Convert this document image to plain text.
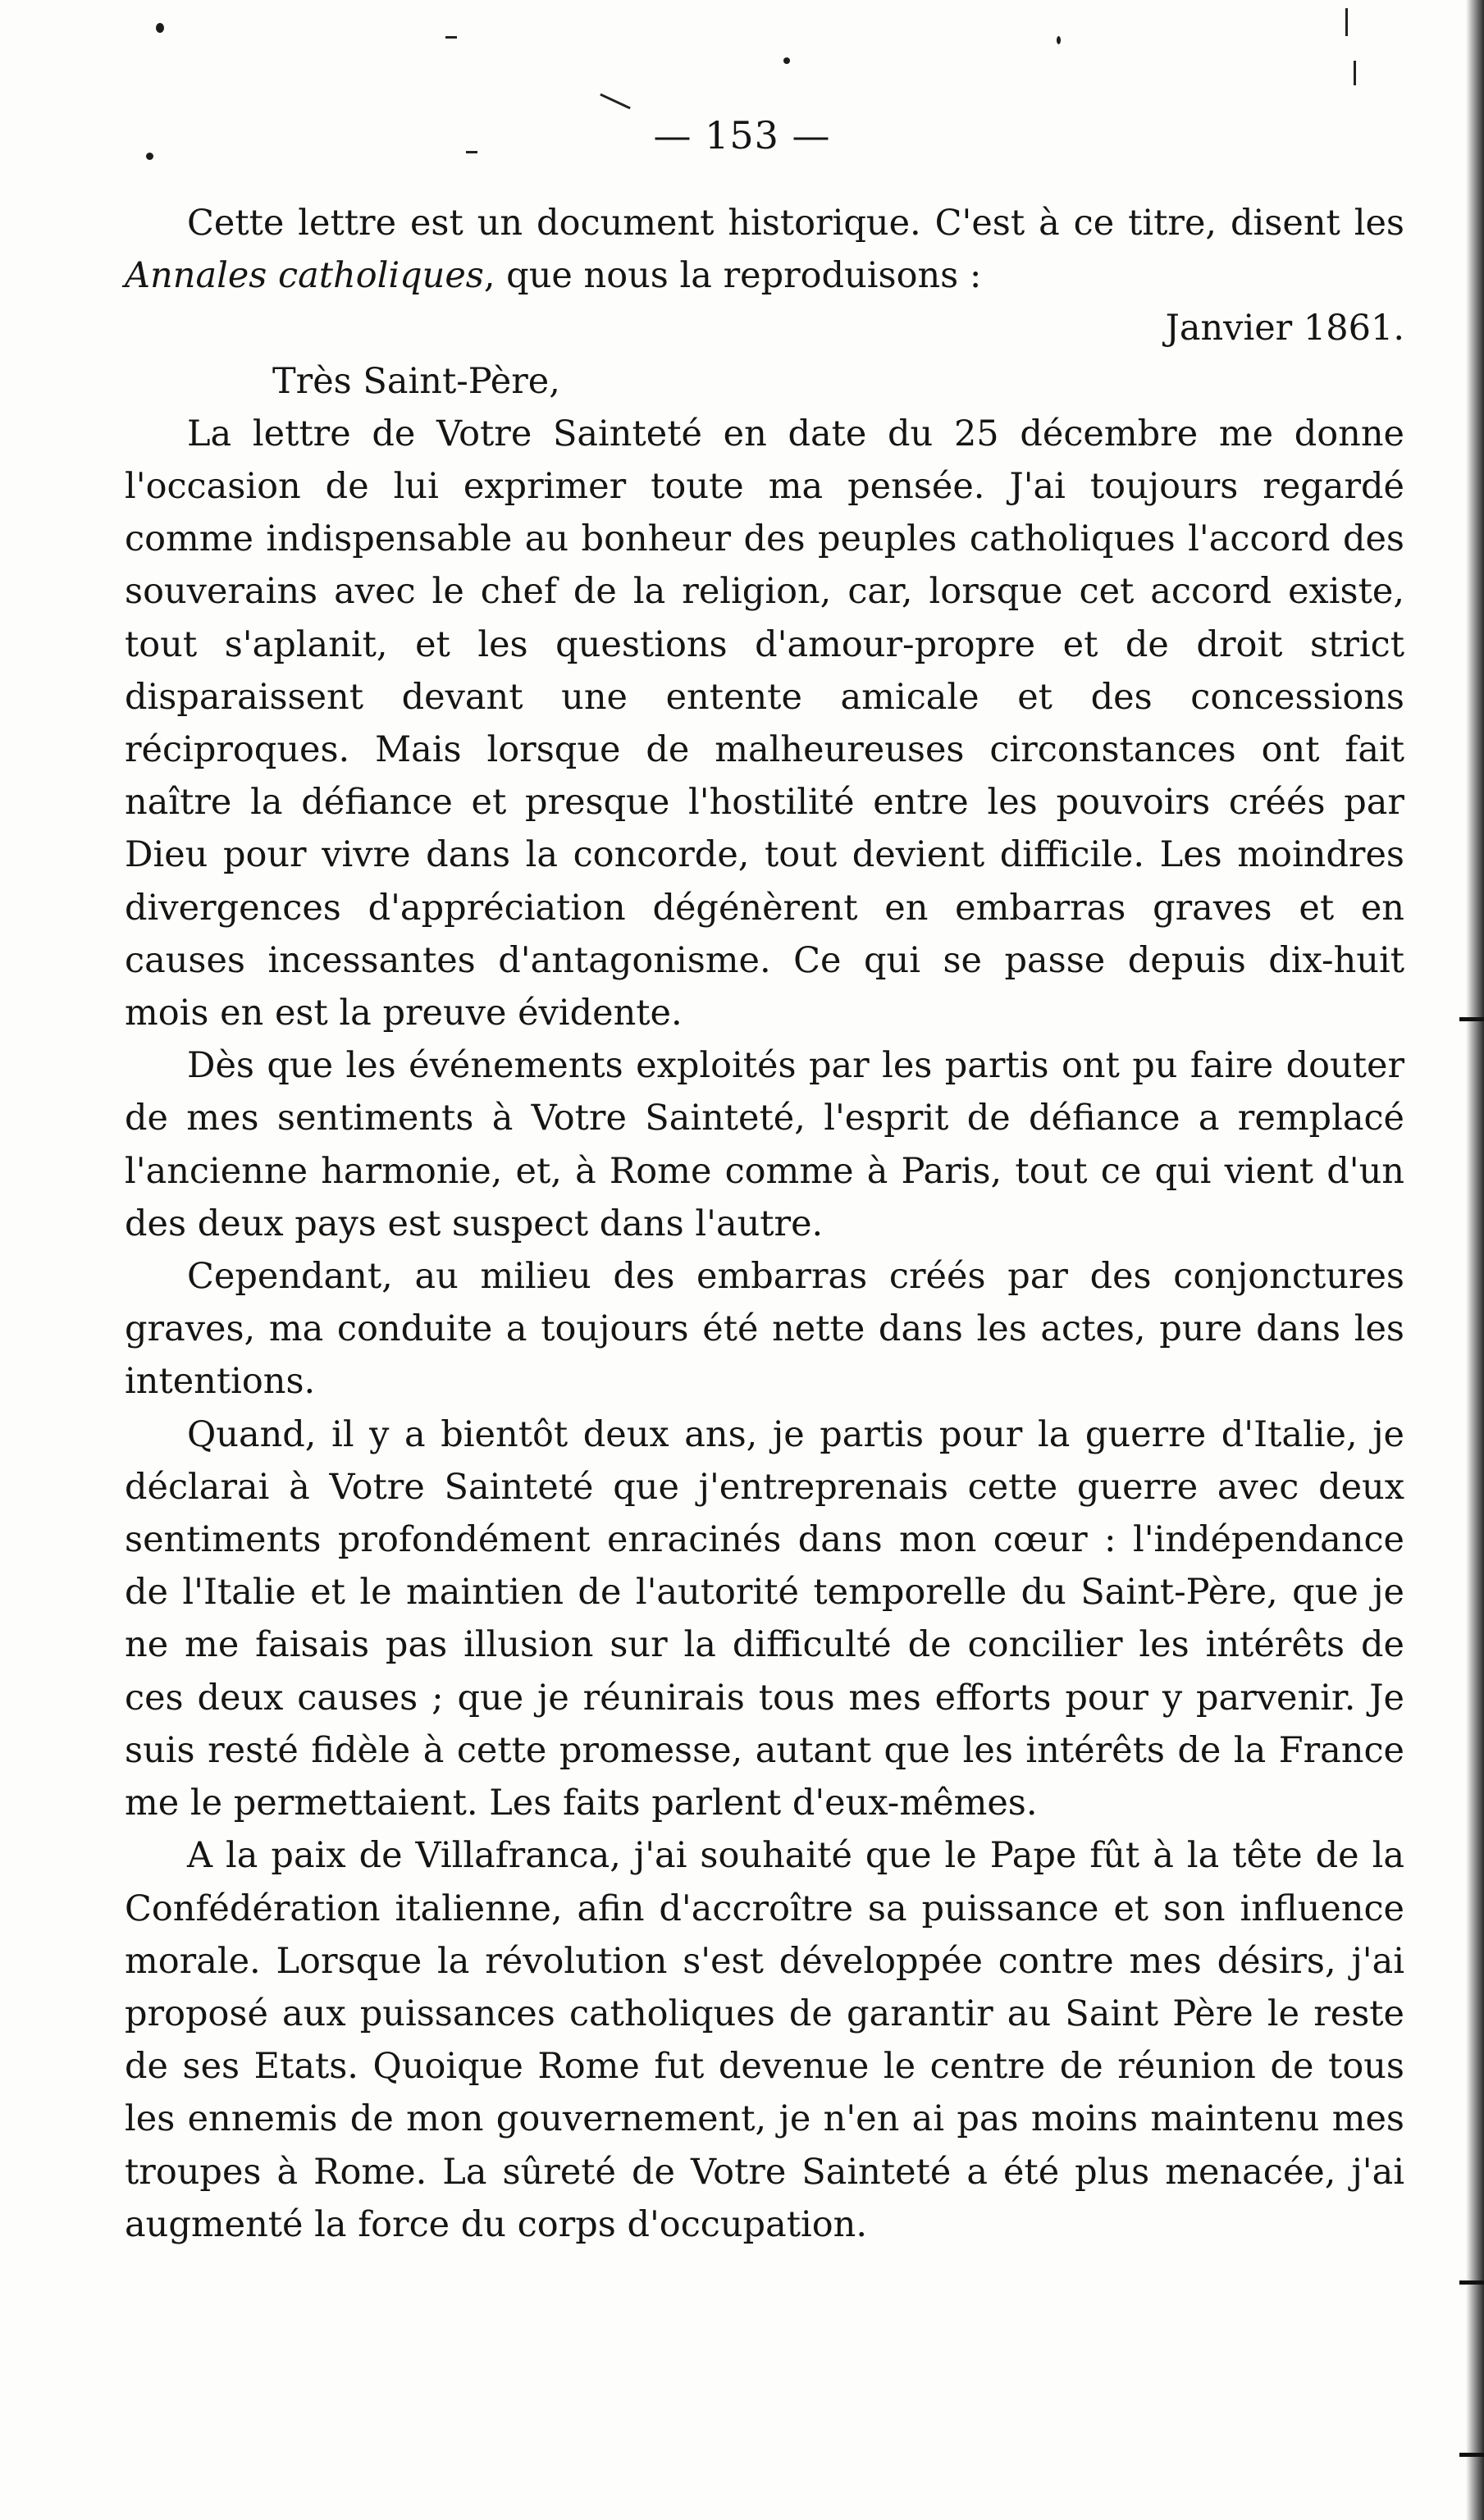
— 153 —

Cette lettre est un document historique. C'est à ce titre, disent les Annales catholiques, que nous la reproduisons :

Janvier 1861.

Très Saint-Père,

La lettre de Votre Sainteté en date du 25 décembre me donne l'occasion de lui exprimer toute ma pensée. J'ai toujours regardé comme indispensable au bonheur des peuples catholiques l'accord des souverains avec le chef de la religion, car, lorsque cet accord existe, tout s'aplanit, et les questions d'amour-propre et de droit strict disparaissent devant une entente amicale et des concessions réciproques. Mais lorsque de malheureuses circonstances ont fait naître la défiance et presque l'hostilité entre les pouvoirs créés par Dieu pour vivre dans la concorde, tout devient difficile. Les moindres divergences d'appréciation dégénèrent en embarras graves et en causes incessantes d'antagonisme. Ce qui se passe depuis dix-huit mois en est la preuve évidente.

Dès que les événements exploités par les partis ont pu faire douter de mes sentiments à Votre Sainteté, l'esprit de défiance a remplacé l'ancienne harmonie, et, à Rome comme à Paris, tout ce qui vient d'un des deux pays est suspect dans l'autre.

Cependant, au milieu des embarras créés par des conjonctures graves, ma conduite a toujours été nette dans les actes, pure dans les intentions.

Quand, il y a bientôt deux ans, je partis pour la guerre d'Italie, je déclarai à Votre Sainteté que j'entreprenais cette guerre avec deux sentiments profondément enracinés dans mon cœur : l'indépendance de l'Italie et le maintien de l'autorité temporelle du Saint-Père, que je ne me faisais pas illusion sur la difficulté de concilier les intérêts de ces deux causes ; que je réunirais tous mes efforts pour y parvenir. Je suis resté fidèle à cette promesse, autant que les intérêts de la France me le permettaient. Les faits parlent d'eux-mêmes.

A la paix de Villafranca, j'ai souhaité que le Pape fût à la tête de la Confédération italienne, afin d'accroître sa puissance et son influence morale. Lorsque la révolution s'est développée contre mes désirs, j'ai proposé aux puissances catholiques de garantir au Saint Père le reste de ses Etats. Quoique Rome fut devenue le centre de réunion de tous les ennemis de mon gouvernement, je n'en ai pas moins maintenu mes troupes à Rome. La sûreté de Votre Sainteté a été plus menacée, j'ai augmenté la force du corps d'occupation.
